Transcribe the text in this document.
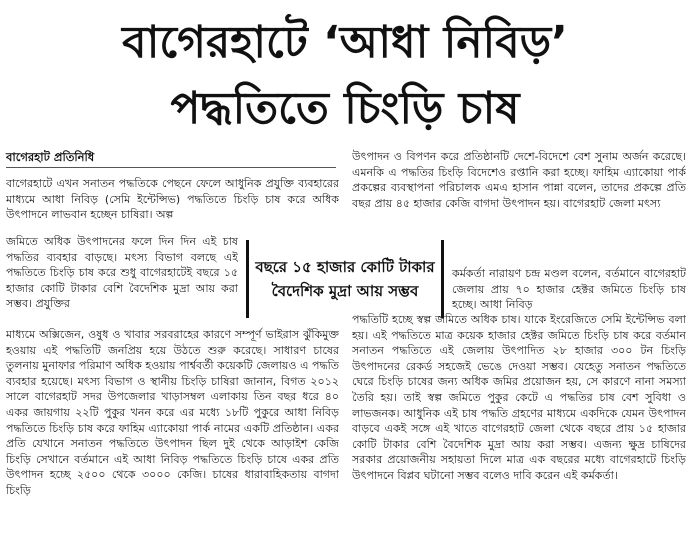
বাগেরহাটে ‘আধা নিবিড়’
পদ্ধতিতে চিংড়ি চাষ
বাগেরহাট প্রতিনিধি
বাগেরহাটে এখন সনাতন পদ্ধতিকে পেছনে ফেলে আধুনিক প্রযুক্তি ব্যবহারের মাধ্যমে আধা নিবিড় (সেমি ইন্টেন্সিভ) পদ্ধতিতে চিংড়ি চাষ করে অধিক উৎপাদনে লাভবান হচ্ছেন চাষিরা। অল্প
জমিতে অধিক উৎপাদনের ফলে দিন দিন এই চাষ পদ্ধতির ব্যবহার বাড়ছে। মৎস্য বিভাগ বলছে এই পদ্ধতিতে চিংড়ি চাষ করে শুধু বাগেরহাটেই বছরে ১৫ হাজার কোটি টাকার বেশি বৈদেশিক মুদ্রা আয় করা সম্ভব। প্রযুক্তির
মাধ্যমে অক্সিজেন, ওষুধ ও খাবার সরবরাহের কারণে সম্পূর্ণ ভাইরাস ঝুঁকিমুক্ত হওয়ায় এই পদ্ধতিটি জনপ্রিয় হয়ে উঠতে শুরু করেছে। সাধারণ চাষের তুলনায় মুনাফার পরিমাণ অধিক হওয়ায় পার্শ্ববর্তী কয়েকটি জেলায়ও এ পদ্ধতি ব্যবহার হয়েছে। মৎস্য বিভাগ ও স্থানীয় চিংড়ি চাষিরা জানান, বিগত ২০১২ সালে বাগেরহাট সদর উপজেলার খাড়াসম্বল এলাকায় তিন বছর ধরে ৪০ একর জায়গায় ২২টি পুকুর খনন করে এর মধ্যে ১৮টি পুকুরে আধা নিবিড় পদ্ধতিতে চিংড়ি চাষ করে ফাহিম এ্যাকোয়া পার্ক নামের একটি প্রতিষ্ঠান। একর প্রতি যেখানে সনাতন পদ্ধতিতে উৎপাদন ছিল দুই থেকে আড়াইশ কেজি চিংড়ি সেখানে বর্তমানে এই আধা নিবিড় পদ্ধতিতে চিংড়ি চাষে একর প্রতি উৎপাদন হচ্ছে ২৫০০ থেকে ৩০০০ কেজি। চাষের ধারাবাহিকতায় বাগদা চিংড়ি
বছরে ১৫ হাজার কোটি টাকার বৈদেশিক মুদ্রা আয় সম্ভব
উৎপাদন ও বিপণন করে প্রতিষ্ঠানটি দেশে-বিদেশে বেশ সুনাম অর্জন করেছে। এমনকি এ পদ্ধতির চিংড়ি বিদেশেও রপ্তানি করা হচ্ছে। ফাহিম এ্যাকোয়া পার্ক প্রকল্পের ব্যবস্থাপনা পরিচালক এমএ হাসান পান্না বলেন, তাদের প্রকল্পে প্রতি বছর প্রায় ৪৫ হাজার কেজি বাগদা উৎপাদন হয়। বাগেরহাট জেলা মৎস্য
কর্মকর্তা নারায়ণ চন্দ্র মণ্ডল বলেন, বর্তমানে বাগেরহাট জেলায় প্রায় ৭০ হাজার হেক্টর জমিতে চিংড়ি চাষ হচ্ছে। আধা নিবিড়
পদ্ধতিটি হচ্ছে স্বল্প জমিতে অধিক চাষ। যাকে ইংরেজিতে সেমি ইন্টেন্সিভ বলা হয়। এই পদ্ধতিতে মাত্র কয়েক হাজার হেক্টর জমিতে চিংড়ি চাষ করে বর্তমান সনাতন পদ্ধতিতে এই জেলায় উৎপাদিত ২৮ হাজার ৩০০ টন চিংড়ি উৎপাদনের রেকর্ড সহজেই ভেঙে দেওয়া সম্ভব। যেহেতু সনাতন পদ্ধতিতে ঘেরে চিংড়ি চাষের জন্য অধিক জমির প্রয়োজন হয়, সে কারণে নানা সমস্যা তৈরি হয়। তাই স্বল্প জমিতে পুকুর কেটে এ পদ্ধতির চাষ বেশ সুবিধা ও লাভজনক। আধুনিক এই চাষ পদ্ধতি গ্রহণের মাধ্যমে একদিকে যেমন উৎপাদন বাড়বে একই সঙ্গে এই খাতে বাগেরহাট জেলা থেকে বছরে প্রায় ১৫ হাজার কোটি টাকার বেশি বৈদেশিক মুদ্রা আয় করা সম্ভব। এজন্য ক্ষুদ্র চাষিদের সরকার প্রয়োজনীয় সহায়তা দিলে মাত্র এক বছরের মধ্যে বাগেরহাটে চিংড়ি উৎপাদনে বিপ্লব ঘটানো সম্ভব বলেও দাবি করেন এই কর্মকর্তা।
